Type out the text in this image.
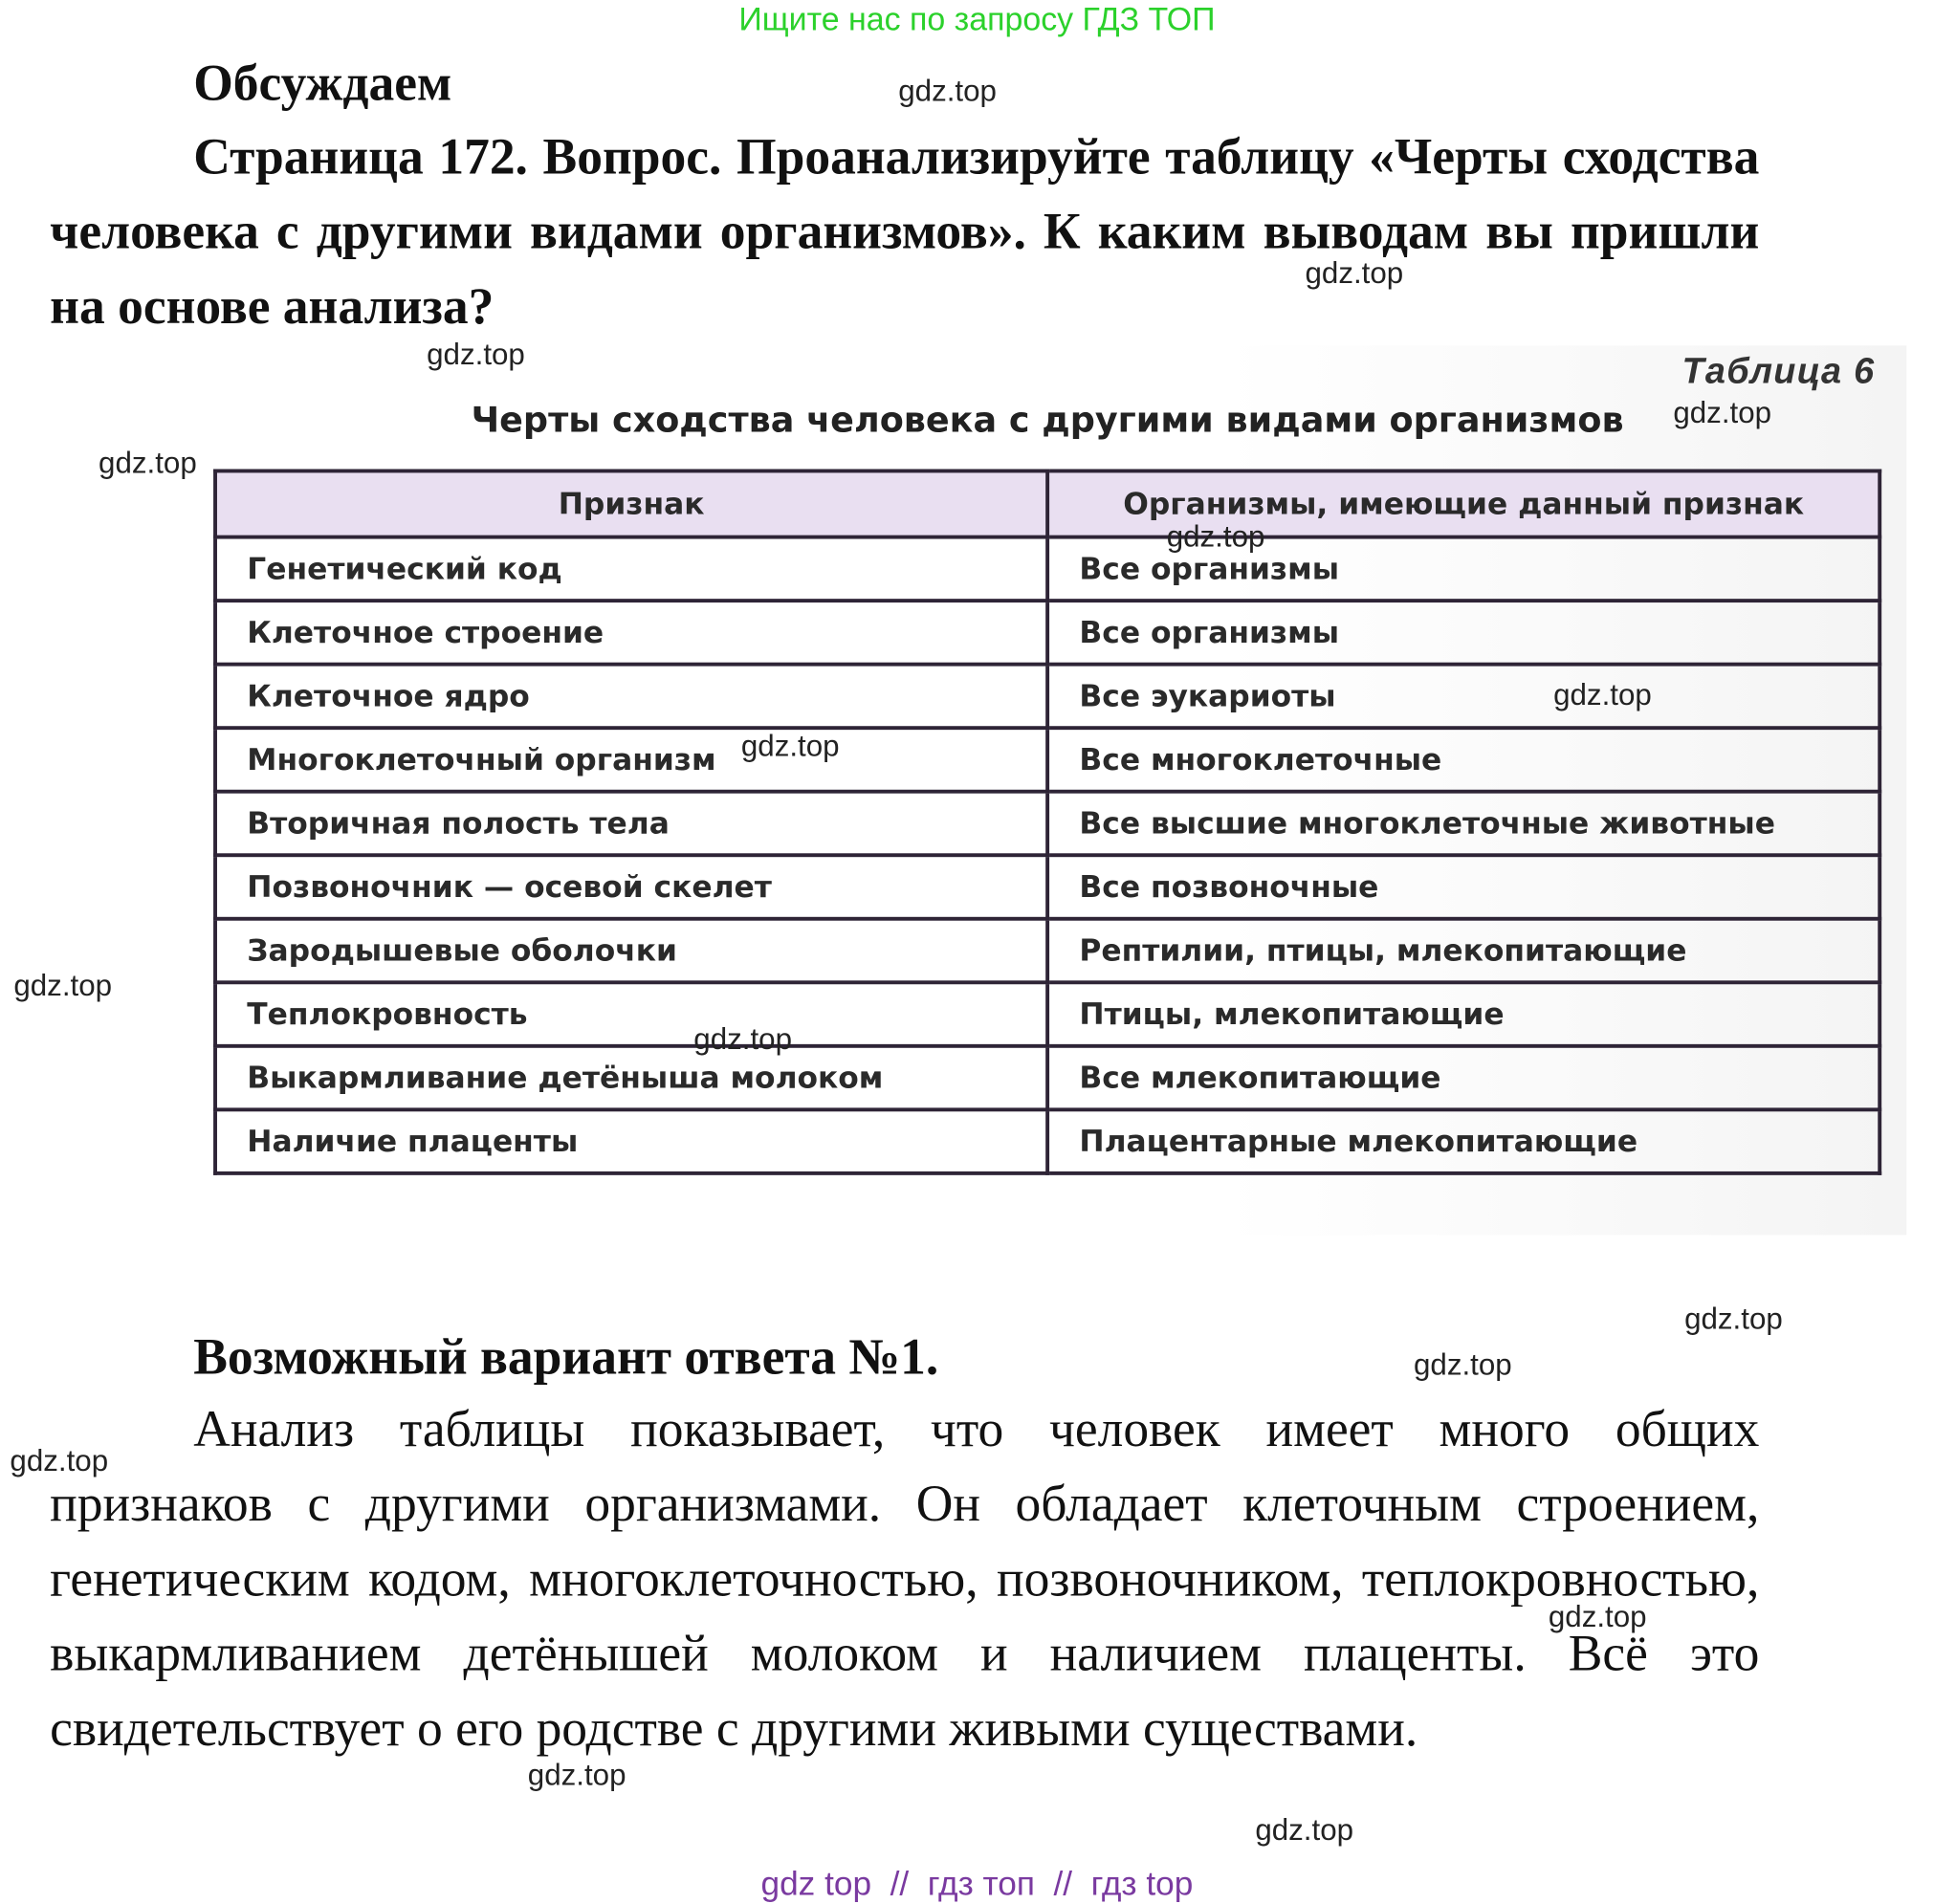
Ищите нас по запросу ГДЗ ТОП
Обсуждаем

Страница 172. Вопрос. Проанализируйте таблицу «Черты сходства человека с другими видами организмов». К каким выводам вы пришли на основе анализа?

Таблица 6
Черты сходства человека с другими видами организмов
Признак	Организмы, имеющие данный признак
Генетический код	Все организмы
Клеточное строение	Все организмы
Клеточное ядро	Все эукариоты
Многоклеточный организм	Все многоклеточные
Вторичная полость тела	Все высшие многоклеточные животные
Позвоночник — осевой скелет	Все позвоночные
Зародышевые оболочки	Рептилии, птицы, млекопитающие
Теплокровность	Птицы, млекопитающие
Выкармливание детёныша молоком	Все млекопитающие
Наличие плаценты	Плацентарные млекопитающие
Возможный вариант ответа №1.

Анализ таблицы показывает, что человек имеет много общих признаков с другими организмами. Он обладает клеточным строением, генетическим кодом, многоклеточностью, позвоночником, теплокровностью, выкармливанием детёнышей молоком и наличием плаценты. Всё это свидетельствует о его родстве с другими живыми существами.

gdz.top
gdz.top
gdz.top
gdz.top
gdz.top
gdz.top
gdz.top
gdz.top
gdz.top
gdz.top
gdz.top
gdz.top
gdz.top
gdz.top
gdz.top
gdz.top
gdz top  //  гдз топ  //  гдз top
